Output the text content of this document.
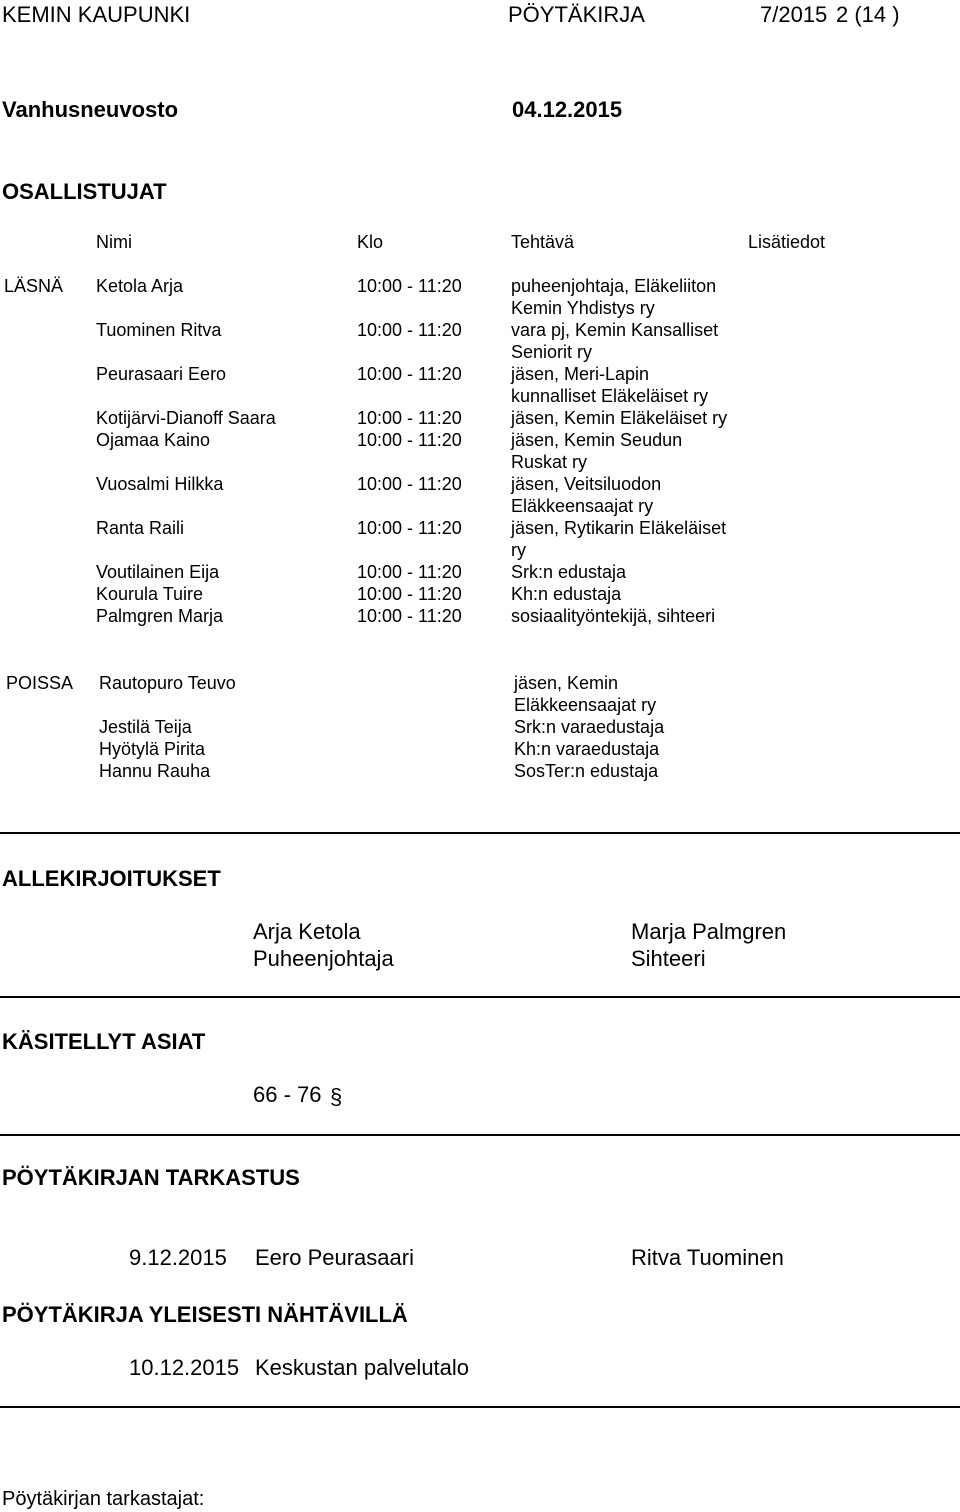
KEMIN KAUPUNKI	PÖYTÄKIRJA	7/2015 2 (14 )
Vanhusneuvosto	04.12.2015
OSALLISTUJAT
Nimi	Klo	Tehtävä	Lisätiedot
LÄSNÄ Ketola Arja	10:00 - 11:20	puheenjohtaja, Eläkeliiton
Kemin Yhdistys ry
Tuominen Ritva	10:00 - 11:20	vara pj, Kemin Kansalliset
Seniorit ry
Peurasaari Eero	10:00 - 11:20	jäsen, Meri-Lapin
kunnalliset Eläkeläiset ry
Kotijärvi-Dianoff Saara	10:00 - 11:20	jäsen, Kemin Eläkeläiset ry
Ojamaa Kaino	10:00 - 11:20	jäsen, Kemin Seudun
Ruskat ry
Vuosalmi Hilkka	10:00 - 11:20	jäsen, Veitsiluodon
Eläkkeensaajat ry
Ranta Raili	10:00 - 11:20	jäsen, Rytikarin Eläkeläiset
ry
Voutilainen Eija	10:00 - 11:20	Srk:n edustaja
Kourula Tuire	10:00 - 11:20	Kh:n edustaja
Palmgren Marja	10:00 - 11:20	sosiaalityöntekijä, sihteeri
POISSA Rautopuro Teuvo	jäsen, Kemin
Eläkkeensaajat ry
Jestilä Teija	Srk:n varaedustaja
Hyötylä Pirita	Kh:n varaedustaja
Hannu Rauha	SosTer:n edustaja
ALLEKIRJOITUKSET
Arja Ketola
Puheenjohtaja
Marja Palmgren
Sihteeri
KÄSITELLYT ASIAT
66 - 76 §
PÖYTÄKIRJAN TARKASTUS
9.12.2015 Eero Peurasaari	Ritva Tuominen
PÖYTÄKIRJA YLEISESTI NÄHTÄVILLÄ
10.12.2015 Keskustan palvelutalo
Pöytäkirjan tarkastajat:
